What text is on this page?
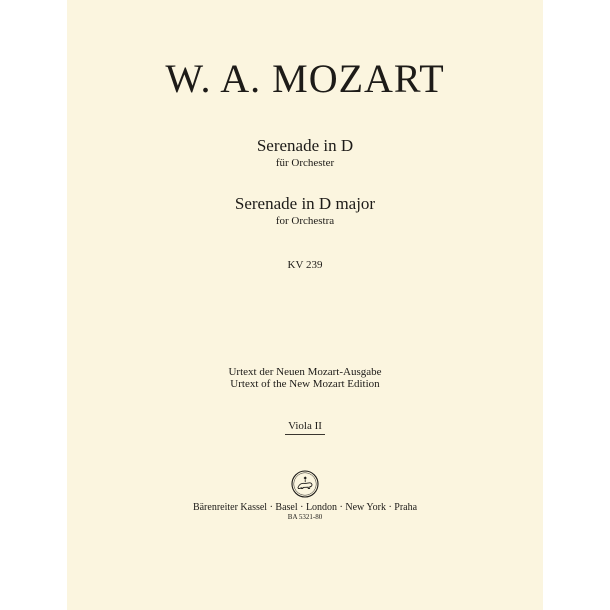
W. A. MOZART
Serenade in D
für Orchester
Serenade in D major
for Orchestra
KV 239
Urtext der Neuen Mozart-Ausgabe
Urtext of the New Mozart Edition
Viola II
Bärenreiter Kassel · Basel · London · New York · Praha
BA 5321-80
